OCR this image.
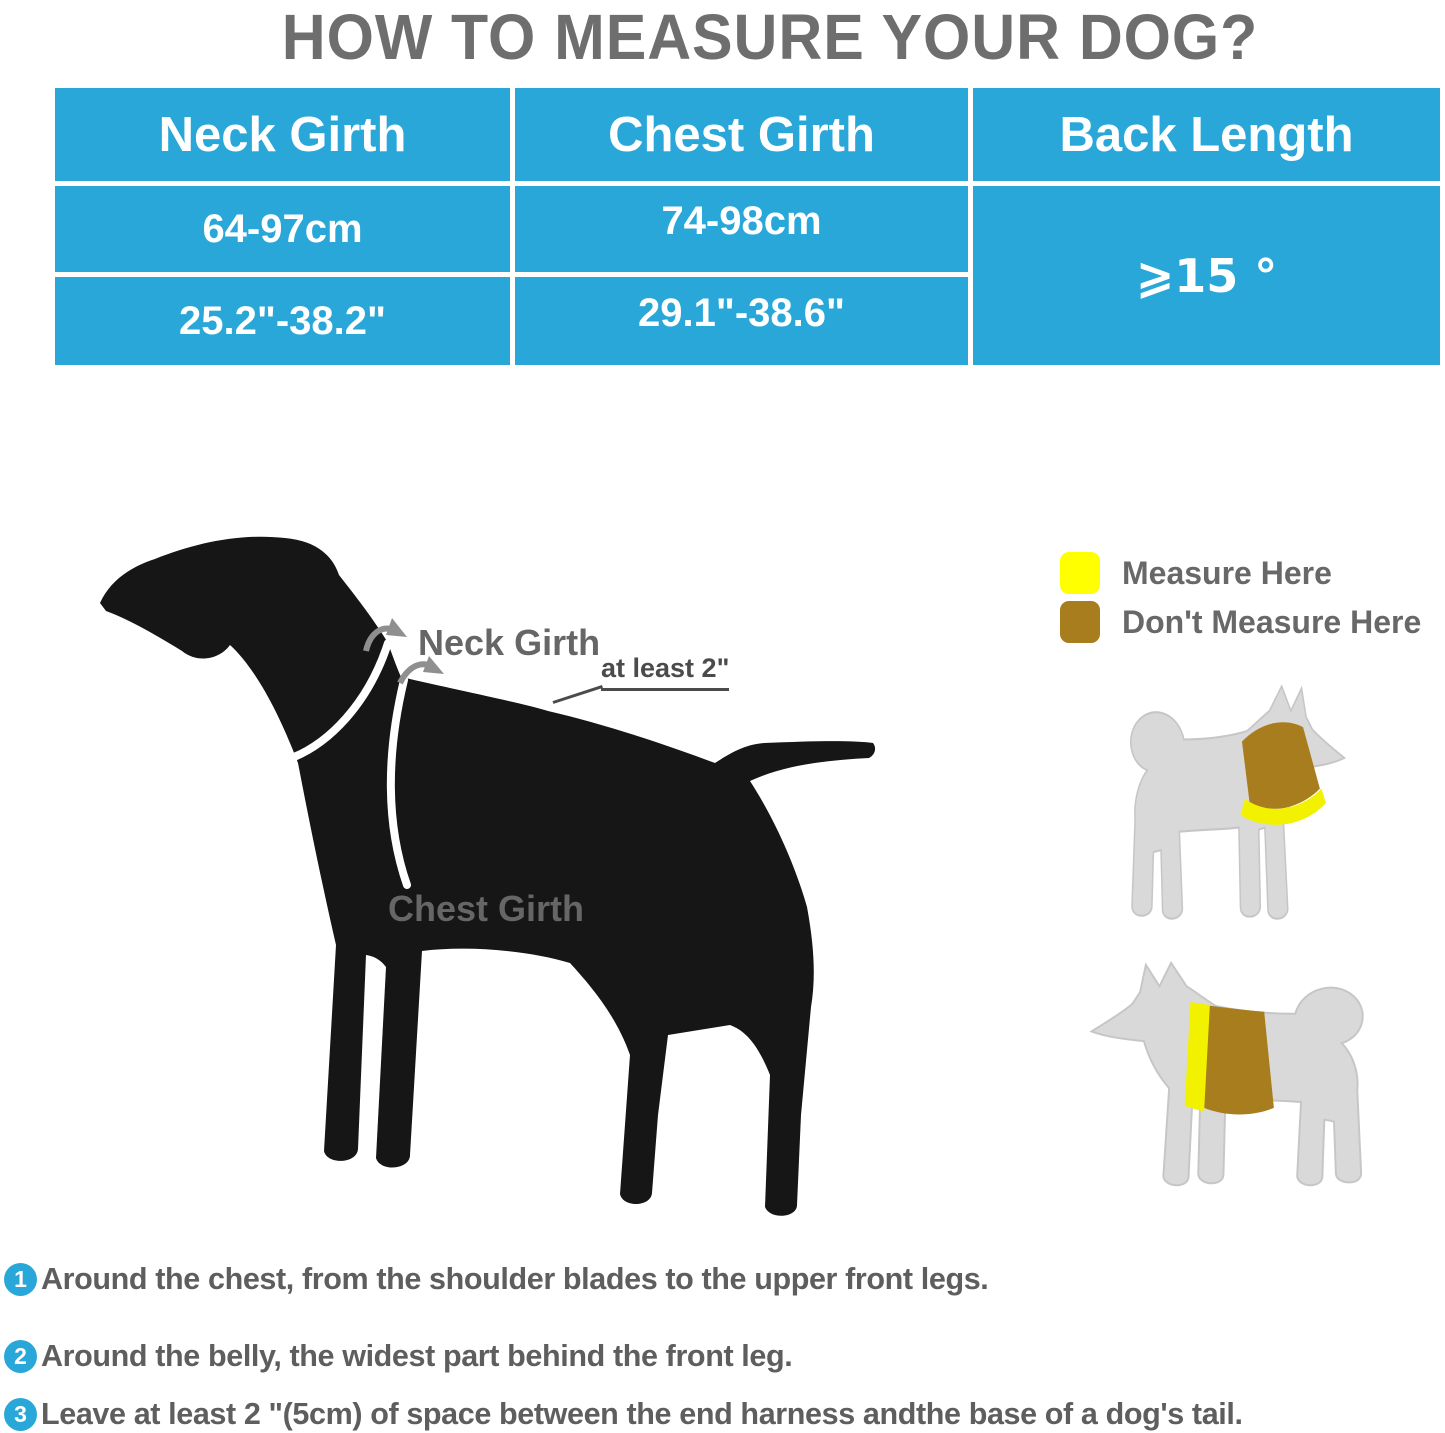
HOW TO MEASURE YOUR DOG?
Neck Girth	Chest Girth	Back Length
64-97cm	74-98cm
⩾15 °
25.2"-38.2"	29.1"-38.6"
Neck Girth
at least 2"
Chest Girth
Measure Here
Don't Measure Here
1 Around the chest, from the shoulder blades to the upper front legs.
2 Around the belly, the widest part behind the front leg.
3 Leave at least 2 "(5cm) of space between the end harness andthe base of a dog's tail.
